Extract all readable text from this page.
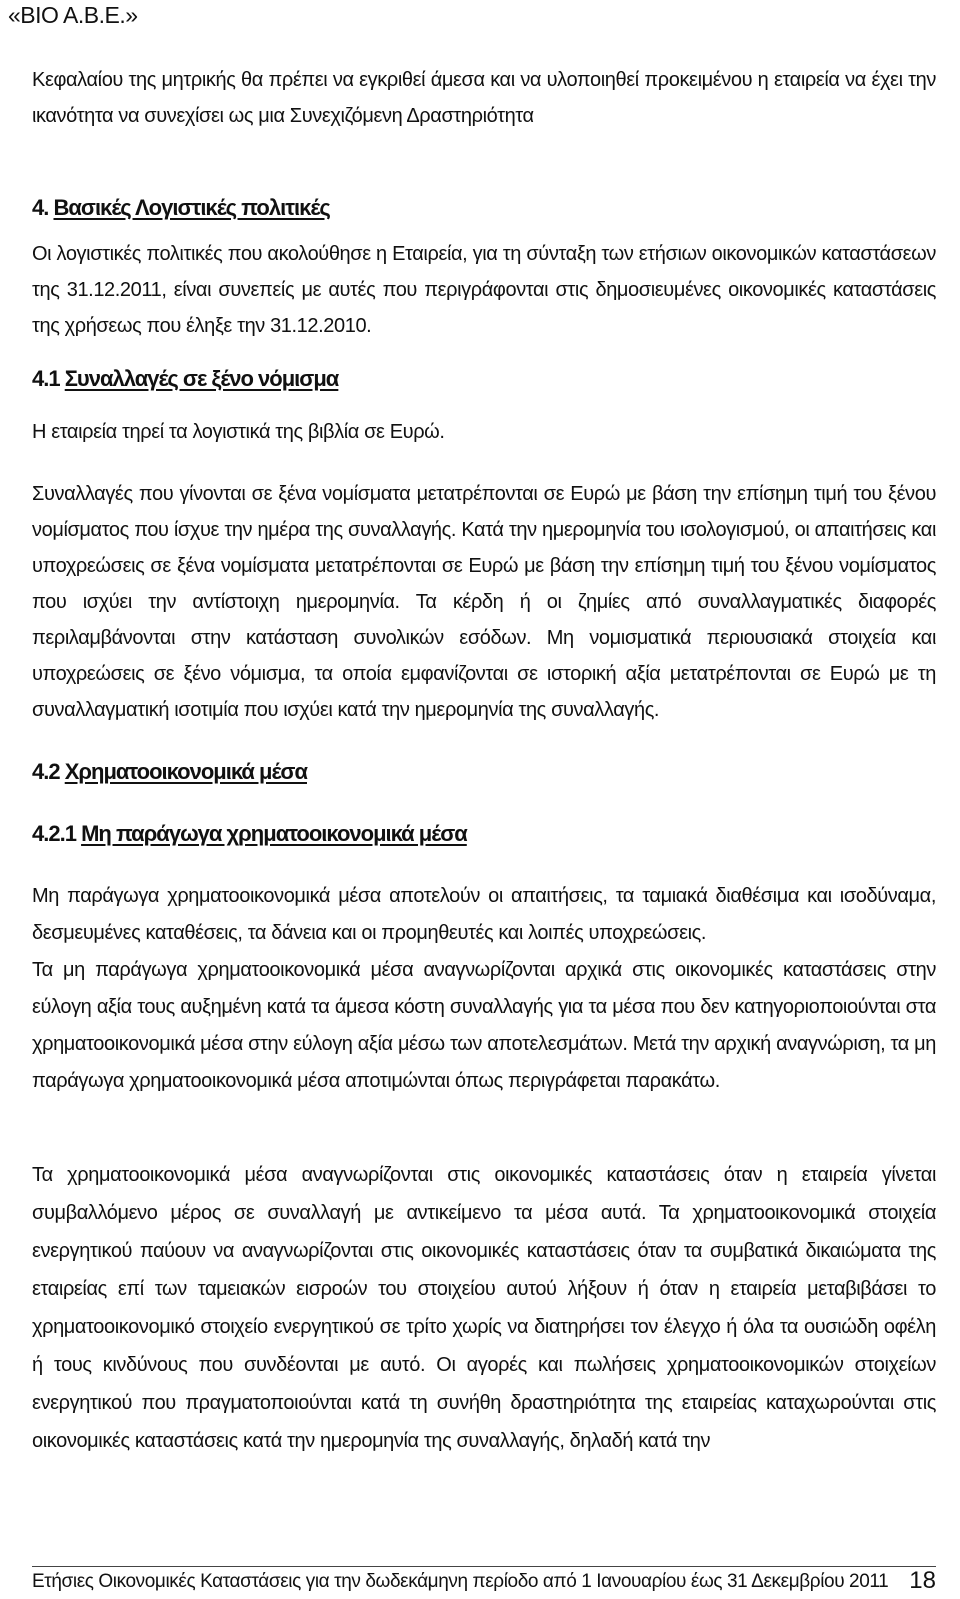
«ΒΙΟ Α.Β.Ε.»

Κεφαλαίου της μητρικής θα πρέπει να εγκριθεί άμεσα και να υλοποιηθεί προκειμένου η εταιρεία να έχει την ικανότητα να συνεχίσει ως μια Συνεχιζόμενη Δραστηριότητα

4. Βασικές Λογιστικές πολιτικές

Οι λογιστικές πολιτικές που ακολούθησε η Εταιρεία, για τη σύνταξη των ετήσιων οικονομικών καταστάσεων της 31.12.2011, είναι συνεπείς με αυτές που περιγράφονται στις δημοσιευμένες οικονομικές καταστάσεις της χρήσεως που έληξε την 31.12.2010.

4.1 Συναλλαγές σε ξένο νόμισμα

Η εταιρεία τηρεί τα λογιστικά της βιβλία σε Ευρώ.

Συναλλαγές που γίνονται σε ξένα νομίσματα μετατρέπονται σε Ευρώ με βάση την επίσημη τιμή του ξένου νομίσματος που ίσχυε την ημέρα της συναλλαγής. Κατά την ημερομηνία του ισολογισμού, οι απαιτήσεις και υποχρεώσεις σε ξένα νομίσματα μετατρέπονται σε Ευρώ με βάση την επίσημη τιμή του ξένου νομίσματος που ισχύει την αντίστοιχη ημερομηνία. Τα κέρδη ή οι ζημίες από συναλλαγματικές διαφορές περιλαμβάνονται στην κατάσταση συνολικών εσόδων. Μη νομισματικά περιουσιακά στοιχεία και υποχρεώσεις σε ξένο νόμισμα, τα οποία εμφανίζονται σε ιστορική αξία μετατρέπονται σε Ευρώ με τη συναλλαγματική ισοτιμία που ισχύει κατά την ημερομηνία της συναλλαγής.

4.2 Χρηματοοικονομικά μέσα
4.2.1 Μη παράγωγα χρηματοοικονομικά μέσα

Μη παράγωγα χρηματοοικονομικά μέσα αποτελούν οι απαιτήσεις, τα ταμιακά διαθέσιμα και ισοδύναμα, δεσμευμένες καταθέσεις, τα δάνεια και οι προμηθευτές και λοιπές υποχρεώσεις.

Τα μη παράγωγα χρηματοοικονομικά μέσα αναγνωρίζονται αρχικά στις οικονομικές καταστάσεις στην εύλογη αξία τους αυξημένη κατά τα άμεσα κόστη συναλλαγής για τα μέσα που δεν κατηγοριοποιούνται στα χρηματοοικονομικά μέσα στην εύλογη αξία μέσω των αποτελεσμάτων. Μετά την αρχική αναγνώριση, τα μη παράγωγα χρηματοοικονομικά μέσα αποτιμώνται όπως περιγράφεται παρακάτω.

Τα χρηματοοικονομικά μέσα αναγνωρίζονται στις οικονομικές καταστάσεις όταν η εταιρεία γίνεται συμβαλλόμενο μέρος σε συναλλαγή με αντικείμενο τα μέσα αυτά. Τα χρηματοοικονομικά στοιχεία ενεργητικού παύουν να αναγνωρίζονται στις οικονομικές καταστάσεις όταν τα συμβατικά δικαιώματα της εταιρείας επί των ταμειακών εισροών του στοιχείου αυτού λήξουν ή όταν η εταιρεία μεταβιβάσει το χρηματοοικονομικό στοιχείο ενεργητικού σε τρίτο χωρίς να διατηρήσει τον έλεγχο ή όλα τα ουσιώδη οφέλη ή τους κινδύνους που συνδέονται με αυτό. Οι αγορές και πωλήσεις χρηματοοικονομικών στοιχείων ενεργητικού που πραγματοποιούνται κατά τη συνήθη δραστηριότητα της εταιρείας καταχωρούνται στις οικονομικές καταστάσεις κατά την ημερομηνία της συναλλαγής, δηλαδή κατά την

Ετήσιες Οικονομικές Καταστάσεις για την δωδεκάμηνη περίοδο από 1 Ιανουαρίου έως 31 Δεκεμβρίου 2011 18
